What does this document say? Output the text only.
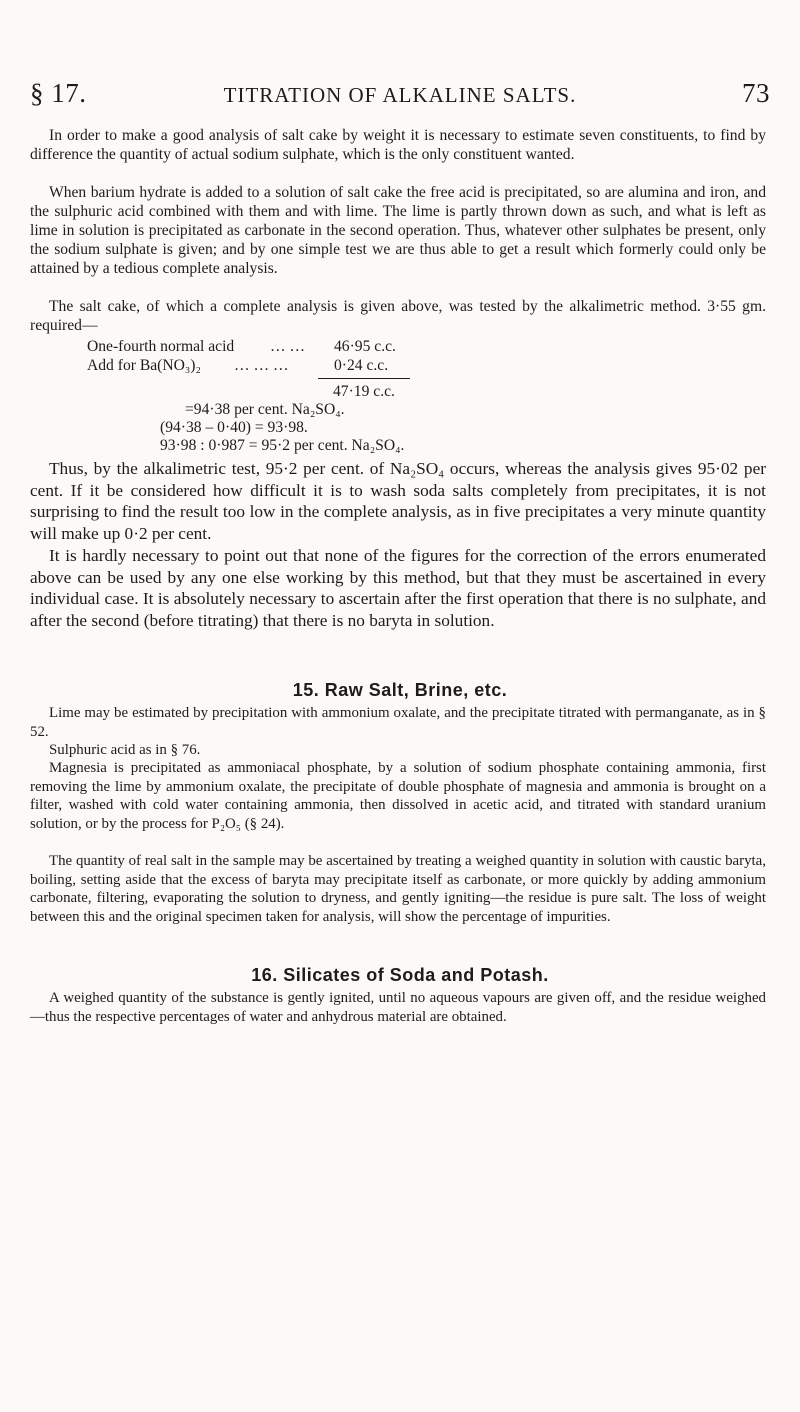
§ 17.	TITRATION OF ALKALINE SALTS.	73

In order to make a good analysis of salt cake by weight it is necessary to estimate seven constituents, to find by difference the quantity of actual sodium sulphate, which is the only constituent wanted.

When barium hydrate is added to a solution of salt cake the free acid is precipitated, so are alumina and iron, and the sulphuric acid combined with them and with lime. The lime is partly thrown down as such, and what is left as lime in solution is precipitated as carbonate in the second operation. Thus, whatever other sulphates be present, only the sodium sulphate is given; and by one simple test we are thus able to get a result which formerly could only be attained by a tedious complete analysis.

The salt cake, of which a complete analysis is given above, was tested by the alkalimetric method. 3·55 gm. required—

One-fourth normal acid … … 46·95 c.c.
Add for Ba(NO₃)₂ … … …	0·24 c.c.
47·19 c.c.
=94·38 per cent. Na₂SO₄.
(94·38 – 0·40) = 93·98.
93·98 : 0·987 = 95·2 per cent. Na₂SO₄.

Thus, by the alkalimetric test, 95·2 per cent. of Na₂SO₄ occurs, whereas the analysis gives 95·02 per cent. If it be considered how difficult it is to wash soda salts completely from precipitates, it is not surprising to find the result too low in the complete analysis, as in five precipitates a very minute quantity will make up 0·2 per cent.

It is hardly necessary to point out that none of the figures for the correction of the errors enumerated above can be used by any one else working by this method, but that they must be ascertained in every individual case. It is absolutely necessary to ascertain after the first operation that there is no sulphate, and after the second (before titrating) that there is no baryta in solution.

15. Raw Salt, Brine, etc.

Lime may be estimated by precipitation with ammonium oxalate, and the precipitate titrated with permanganate, as in § 52.

Sulphuric acid as in § 76.

Magnesia is precipitated as ammoniacal phosphate, by a solution of sodium phosphate containing ammonia, first removing the lime by ammonium oxalate, the precipitate of double phosphate of magnesia and ammonia is brought on a filter, washed with cold water containing ammonia, then dissolved in acetic acid, and titrated with standard uranium solution, or by the process for P₂O₅ (§ 24).

The quantity of real salt in the sample may be ascertained by treating a weighed quantity in solution with caustic baryta, boiling, setting aside that the excess of baryta may precipitate itself as carbonate, or more quickly by adding ammonium carbonate, filtering, evaporating the solution to dryness, and gently igniting—the residue is pure salt. The loss of weight between this and the original specimen taken for analysis, will show the percentage of impurities.

16. Silicates of Soda and Potash.

A weighed quantity of the substance is gently ignited, until no aqueous vapours are given off, and the residue weighed—thus the respective percentages of water and anhydrous material are obtained.
